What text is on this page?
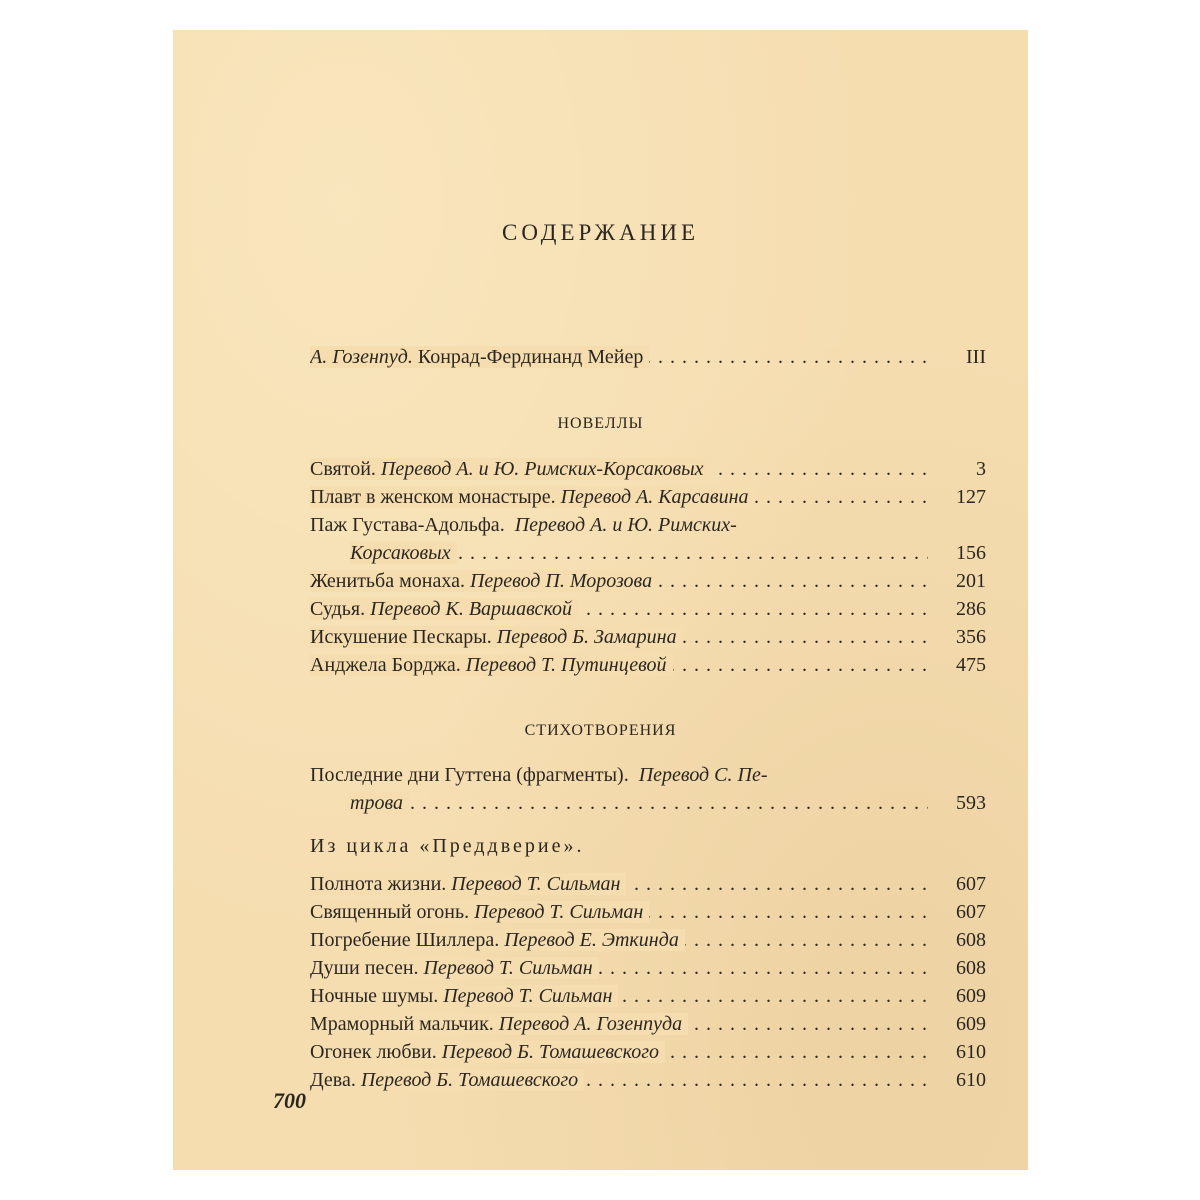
СОДЕРЖАНИЕ
А. Гозенпуд. Конрад-Фердинанд Мейер . . .	III
НОВЕЛЛЫ
Святой. Перевод А. и Ю. Римских-Корсаковых . . .	3
Плавт в женском монастыре. Перевод А. Карсавина . . .	127
Паж Густава-Адольфа. Перевод А. и Ю. Римских-
Корсаковых . . .	156
Женитьба монаха. Перевод П. Морозова . . .	201
Судья. Перевод К. Варшавской . . .	286
Искушение Пескары. Перевод Б. Замарина . . .	356
Анджела Борджа. Перевод Т. Путинцевой . . .	475
СТИХОТВОРЕНИЯ
Последние дни Гуттена (фрагменты). Перевод С. Пе-
трова . . .	593
Из цикла «Преддверие».
Полнота жизни. Перевод Т. Сильман . . .	607
Священный огонь. Перевод Т. Сильман . . .	607
Погребение Шиллера. Перевод Е. Эткинда . . .	608
Души песен. Перевод Т. Сильман . . .	608
Ночные шумы. Перевод Т. Сильман . . .	609
Мраморный мальчик. Перевод А. Гозенпуда . . .	609
Огонек любви. Перевод Б. Томашевского . . .	610
Дева. Перевод Б. Томашевского . . .	610
700
